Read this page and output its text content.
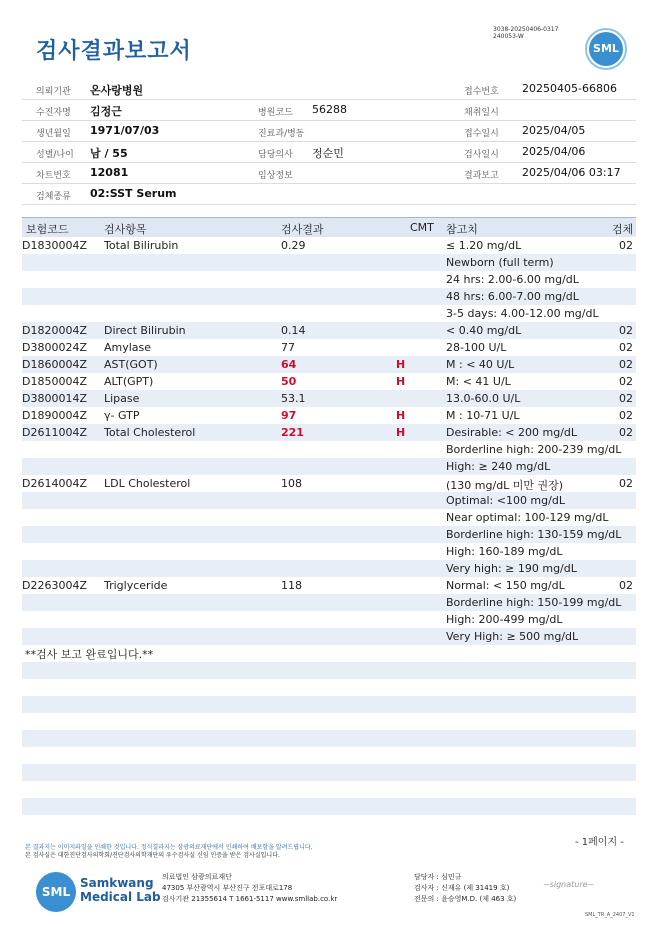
검사결과보고서
3038-20250406-0317
240053-W
SML
의뢰기관 온사랑병원	접수번호 20250405-66806
수진자명 김정근	병원코드 56288	채취일시
생년월일 1971/07/03	진료과/병동	접수일시 2025/04/05
성별/나이 남 / 55	담당의사 정순민	검사일시 2025/04/06
차트번호 12081	임상정보	결과보고 2025/04/06 03:17
검체종류 02:SST Serum
보험코드	검사항목	검사결과	CMT 참고치	검체
D1830004Z Total Bilirubin	0.29	≤ 1.20 mg/dL	02
Newborn (full term)
24 hrs: 2.00-6.00 mg/dL
48 hrs: 6.00-7.00 mg/dL
3-5 days: 4.00-12.00 mg/dL
D1820004Z Direct Bilirubin	0.14	< 0.40 mg/dL	02
D3800024Z Amylase	77	28-100 U/L	02
D1860004Z AST(GOT)	64	H	M : < 40 U/L	02
D1850004Z ALT(GPT)	50	H	M: < 41 U/L	02
D3800014Z Lipase	53.1	13.0-60.0 U/L	02
D1890004Z γ- GTP	97	H	M : 10-71 U/L	02
D2611004Z Total Cholesterol	221	H	Desirable: < 200 mg/dL	02
Borderline high: 200-239 mg/dL
High: ≥ 240 mg/dL
D2614004Z LDL Cholesterol	108	(130 mg/dL 미만 권장)	02
Optimal: <100 mg/dL
Near optimal: 100-129 mg/dL
Borderline high: 130-159 mg/dL
High: 160-189 mg/dL
Very high: ≥ 190 mg/dL
D2263004Z Triglyceride	118	Normal: < 150 mg/dL	02
Borderline high: 150-199 mg/dL
High: 200-499 mg/dL
Very High: ≥ 500 mg/dL
**검사 보고 완료입니다.**
- 1페이지 -
본 결과지는 이미지파일을 인쇄한 것입니다. 정식결과지는 삼광의료재단에서 인쇄하여 배포함을 알려드립니다.
본 검사실은 대한진단검사의학회/진단검사의학재단의 우수검사실 신임 인증을 받은 검사실입니다.
SML
Samkwang
Medical Lab
의료법인 삼광의료재단
47305 부산광역시 부산진구 전포대로178
검사기관 21355614 T 1661-5117 www.smllab.co.kr
담당자 : 심민규
검사자 : 신재유 (제 31419 호)
전문의 : 윤승영M.D. (제 463 호)
~signature~
SML_TR_A_2407_V1
